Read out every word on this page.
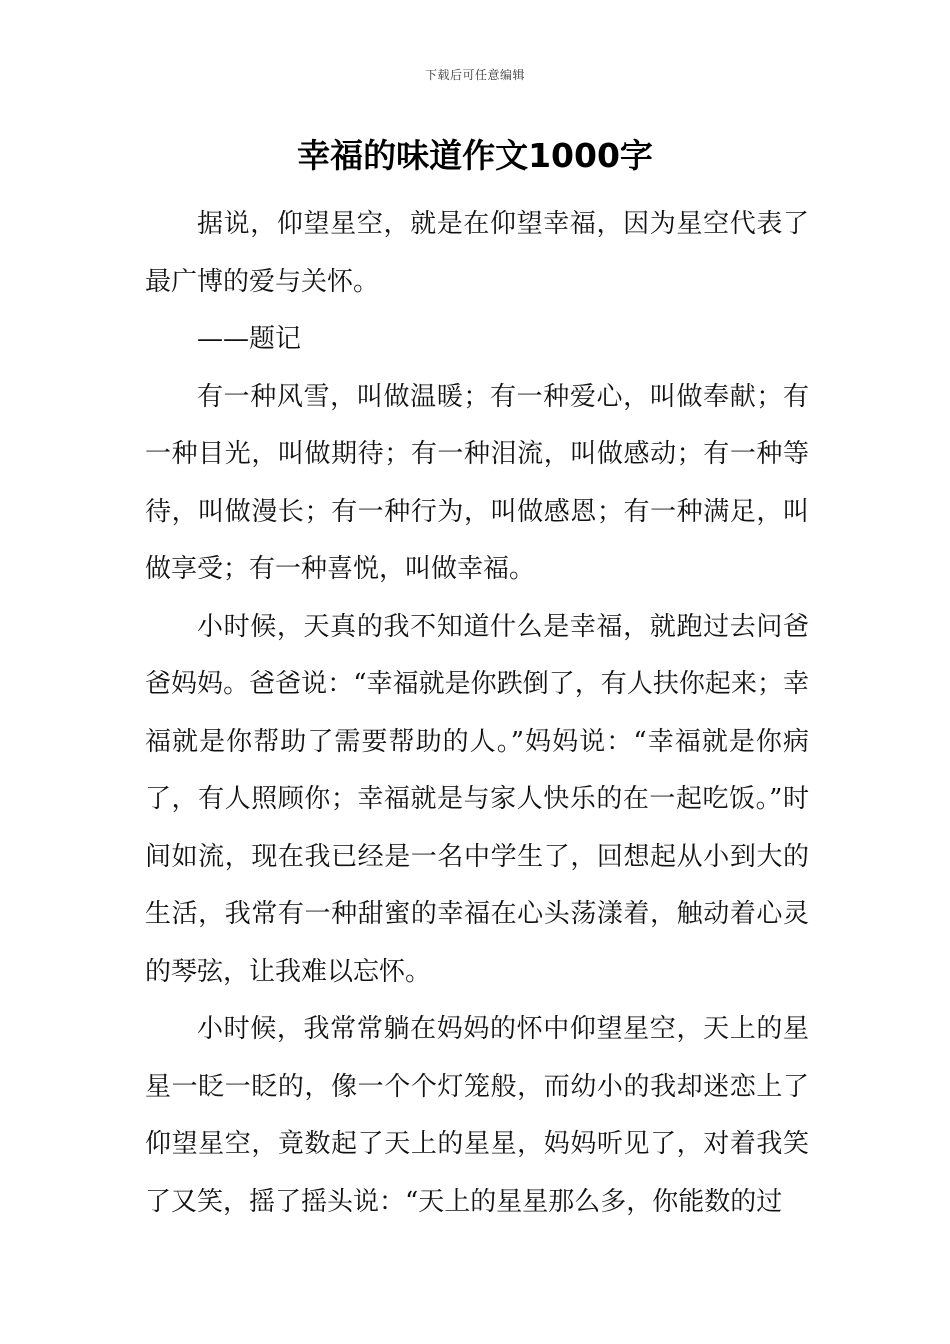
下载后可任意编辑
幸福的味道作文1000字

据说，仰望星空，就是在仰望幸福，因为星空代表了最广博的爱与关怀。

——题记

有一种风雪，叫做温暖；有一种爱心，叫做奉献；有一种目光，叫做期待；有一种泪流，叫做感动；有一种等待，叫做漫长；有一种行为，叫做感恩；有一种满足，叫做享受；有一种喜悦，叫做幸福。

小时候，天真的我不知道什么是幸福，就跑过去问爸爸妈妈。爸爸说：“幸福就是你跌倒了，有人扶你起来；幸福就是你帮助了需要帮助的人。”妈妈说：“幸福就是你病了，有人照顾你；幸福就是与家人快乐的在一起吃饭。”时间如流，现在我已经是一名中学生了，回想起从小到大的生活，我常有一种甜蜜的幸福在心头荡漾着，触动着心灵的琴弦，让我难以忘怀。

小时候，我常常躺在妈妈的怀中仰望星空，天上的星星一眨一眨的，像一个个灯笼般，而幼小的我却迷恋上了仰望星空，竟数起了天上的星星，妈妈听见了，对着我笑了又笑，摇了摇头说：“天上的星星那么多，你能数的过
